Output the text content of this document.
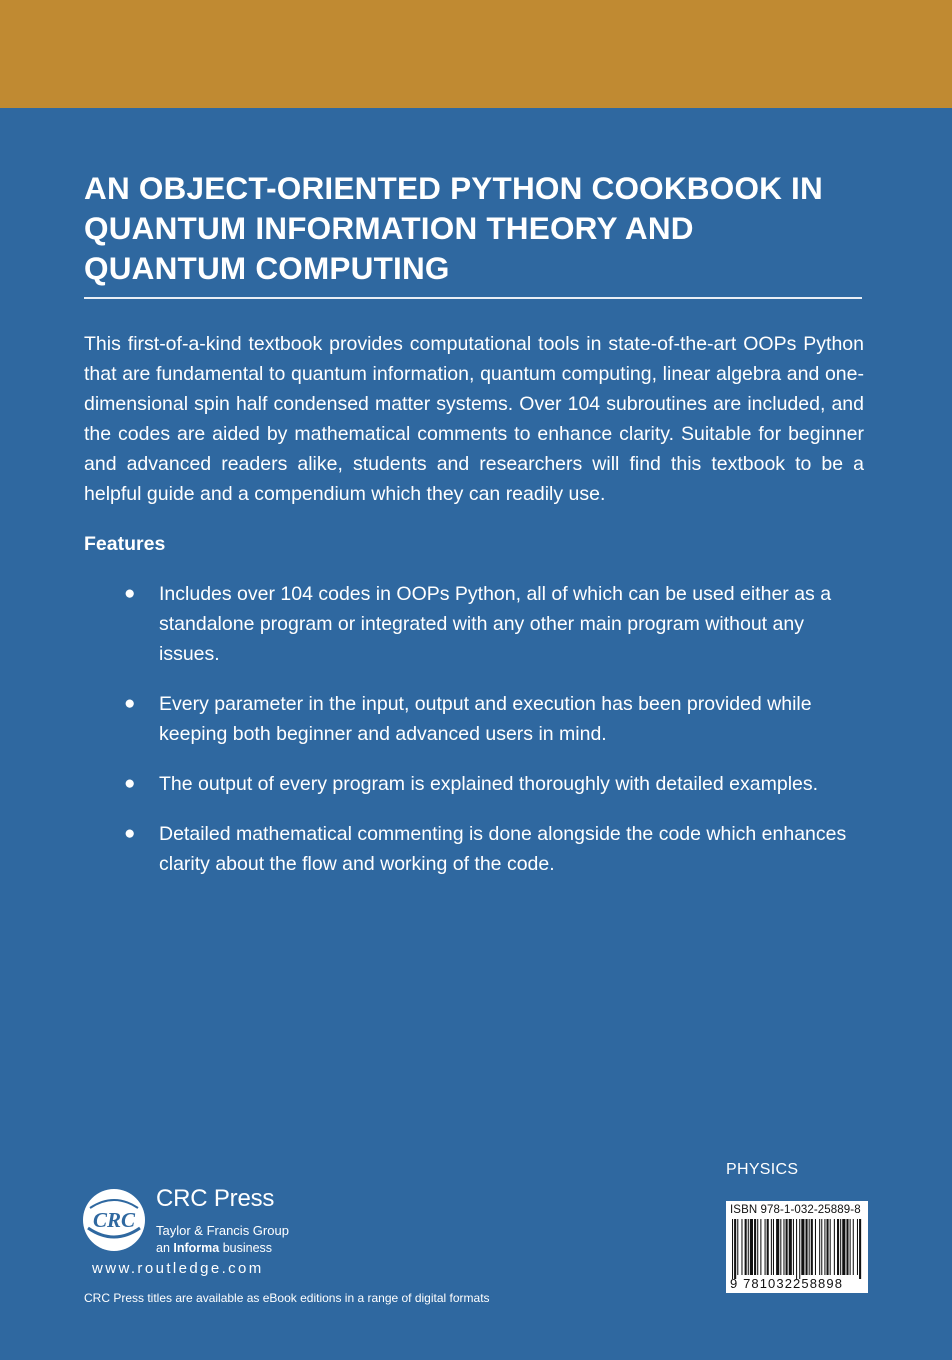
AN OBJECT-ORIENTED PYTHON COOKBOOK IN
QUANTUM INFORMATION THEORY AND
QUANTUM COMPUTING

This first-of-a-kind textbook provides computational tools in state-of-the-art OOPs Python that are fundamental to quantum information, quantum computing, linear algebra and one-dimensional spin half condensed matter systems. Over 104 subroutines are included, and the codes are aided by mathematical comments to enhance clarity. Suitable for beginner and advanced readers alike, students and researchers will find this textbook to be a helpful guide and a compendium which they can readily use.

Features
● Includes over 104 codes in OOPs Python, all of which can be used either as a standalone program or integrated with any other main program without any issues.
● Every parameter in the input, output and execution has been provided while keeping both beginner and advanced users in mind.
● The output of every program is explained thoroughly with detailed examples.
● Detailed mathematical commenting is done alongside the code which enhances clarity about the flow and working of the code.
PHYSICS
CRC
CRC Press
Taylor & Francis Group
an Informa business
www.routledge.com
CRC Press titles are available as eBook editions in a range of digital formats
ISBN 978-1-032-25889-8
9 781032258898
